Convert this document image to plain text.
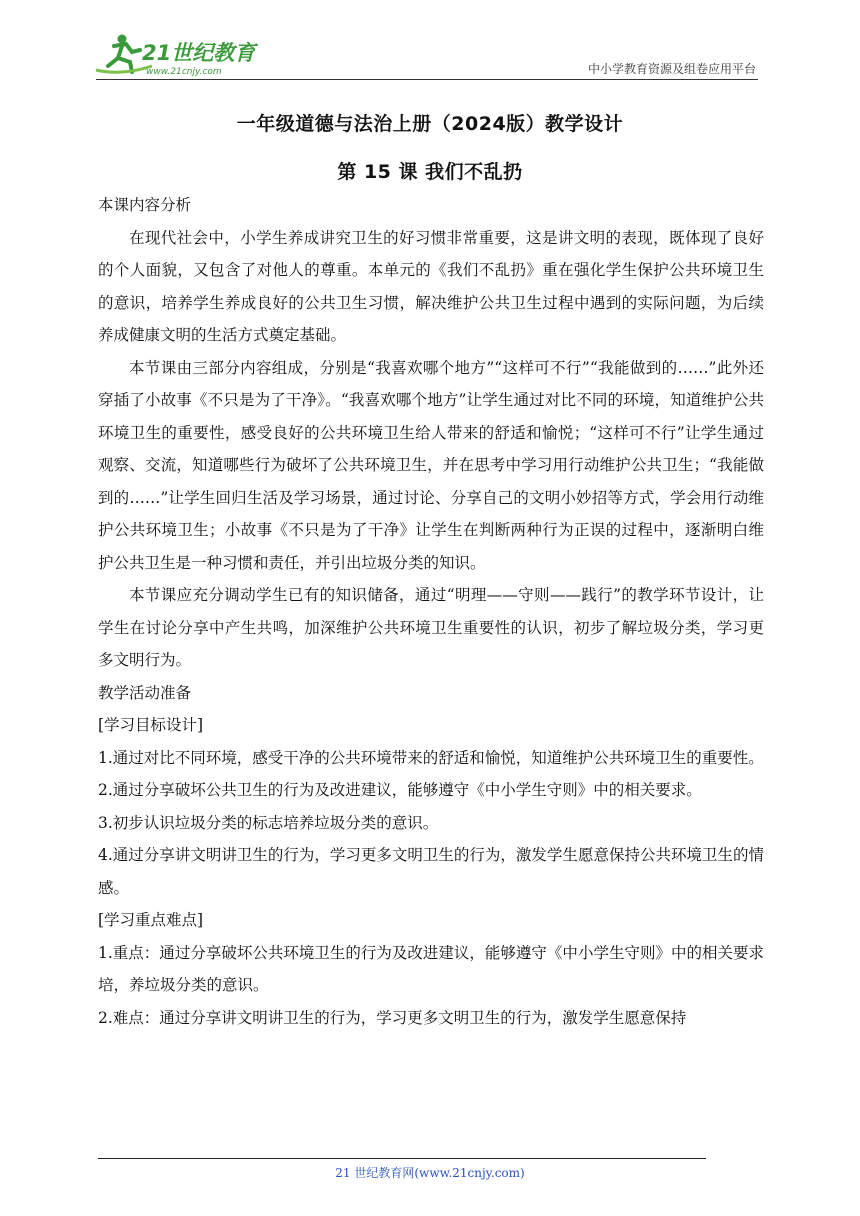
21世纪教育
www.21cnjy.com	中小学教育资源及组卷应用平台
一年级道德与法治上册（2024版）教学设计
第 15 课 我们不乱扔

本课内容分析

在现代社会中，小学生养成讲究卫生的好习惯非常重要，这是讲文明的表现，既体现了良好的个人面貌，又包含了对他人的尊重。本单元的《我们不乱扔》重在强化学生保护公共环境卫生的意识，培养学生养成良好的公共卫生习惯，解决维护公共卫生过程中遇到的实际问题，为后续养成健康文明的生活方式奠定基础。

本节课由三部分内容组成，分别是“我喜欢哪个地方”“这样可不行”“我能做到的……”此外还穿插了小故事《不只是为了干净》。“我喜欢哪个地方”让学生通过对比不同的环境，知道维护公共环境卫生的重要性，感受良好的公共环境卫生给人带来的舒适和愉悦；“这样可不行”让学生通过观察、交流，知道哪些行为破坏了公共环境卫生，并在思考中学习用行动维护公共卫生；“我能做到的……”让学生回归生活及学习场景，通过讨论、分享自己的文明小妙招等方式，学会用行动维护公共环境卫生；小故事《不只是为了干净》让学生在判断两种行为正误的过程中，逐渐明白维护公共卫生是一种习惯和责任，并引出垃圾分类的知识。

本节课应充分调动学生已有的知识储备，通过“明理——守则——践行”的教学环节设计，让学生在讨论分享中产生共鸣，加深维护公共环境卫生重要性的认识，初步了解垃圾分类，学习更多文明行为。

教学活动准备

[学习目标设计]

1.通过对比不同环境，感受干净的公共环境带来的舒适和愉悦，知道维护公共环境卫生的重要性。

2.通过分享破坏公共卫生的行为及改进建议，能够遵守《中小学生守则》中的相关要求。

3.初步认识垃圾分类的标志培养垃圾分类的意识。

4.通过分享讲文明讲卫生的行为，学习更多文明卫生的行为，激发学生愿意保持公共环境卫生的情感。

[学习重点难点]

1.重点：通过分享破坏公共环境卫生的行为及改进建议，能够遵守《中小学生守则》中的相关要求培，养垃圾分类的意识。

2.难点：通过分享讲文明讲卫生的行为，学习更多文明卫生的行为，激发学生愿意保持

21 世纪教育网(www.21cnjy.com)
